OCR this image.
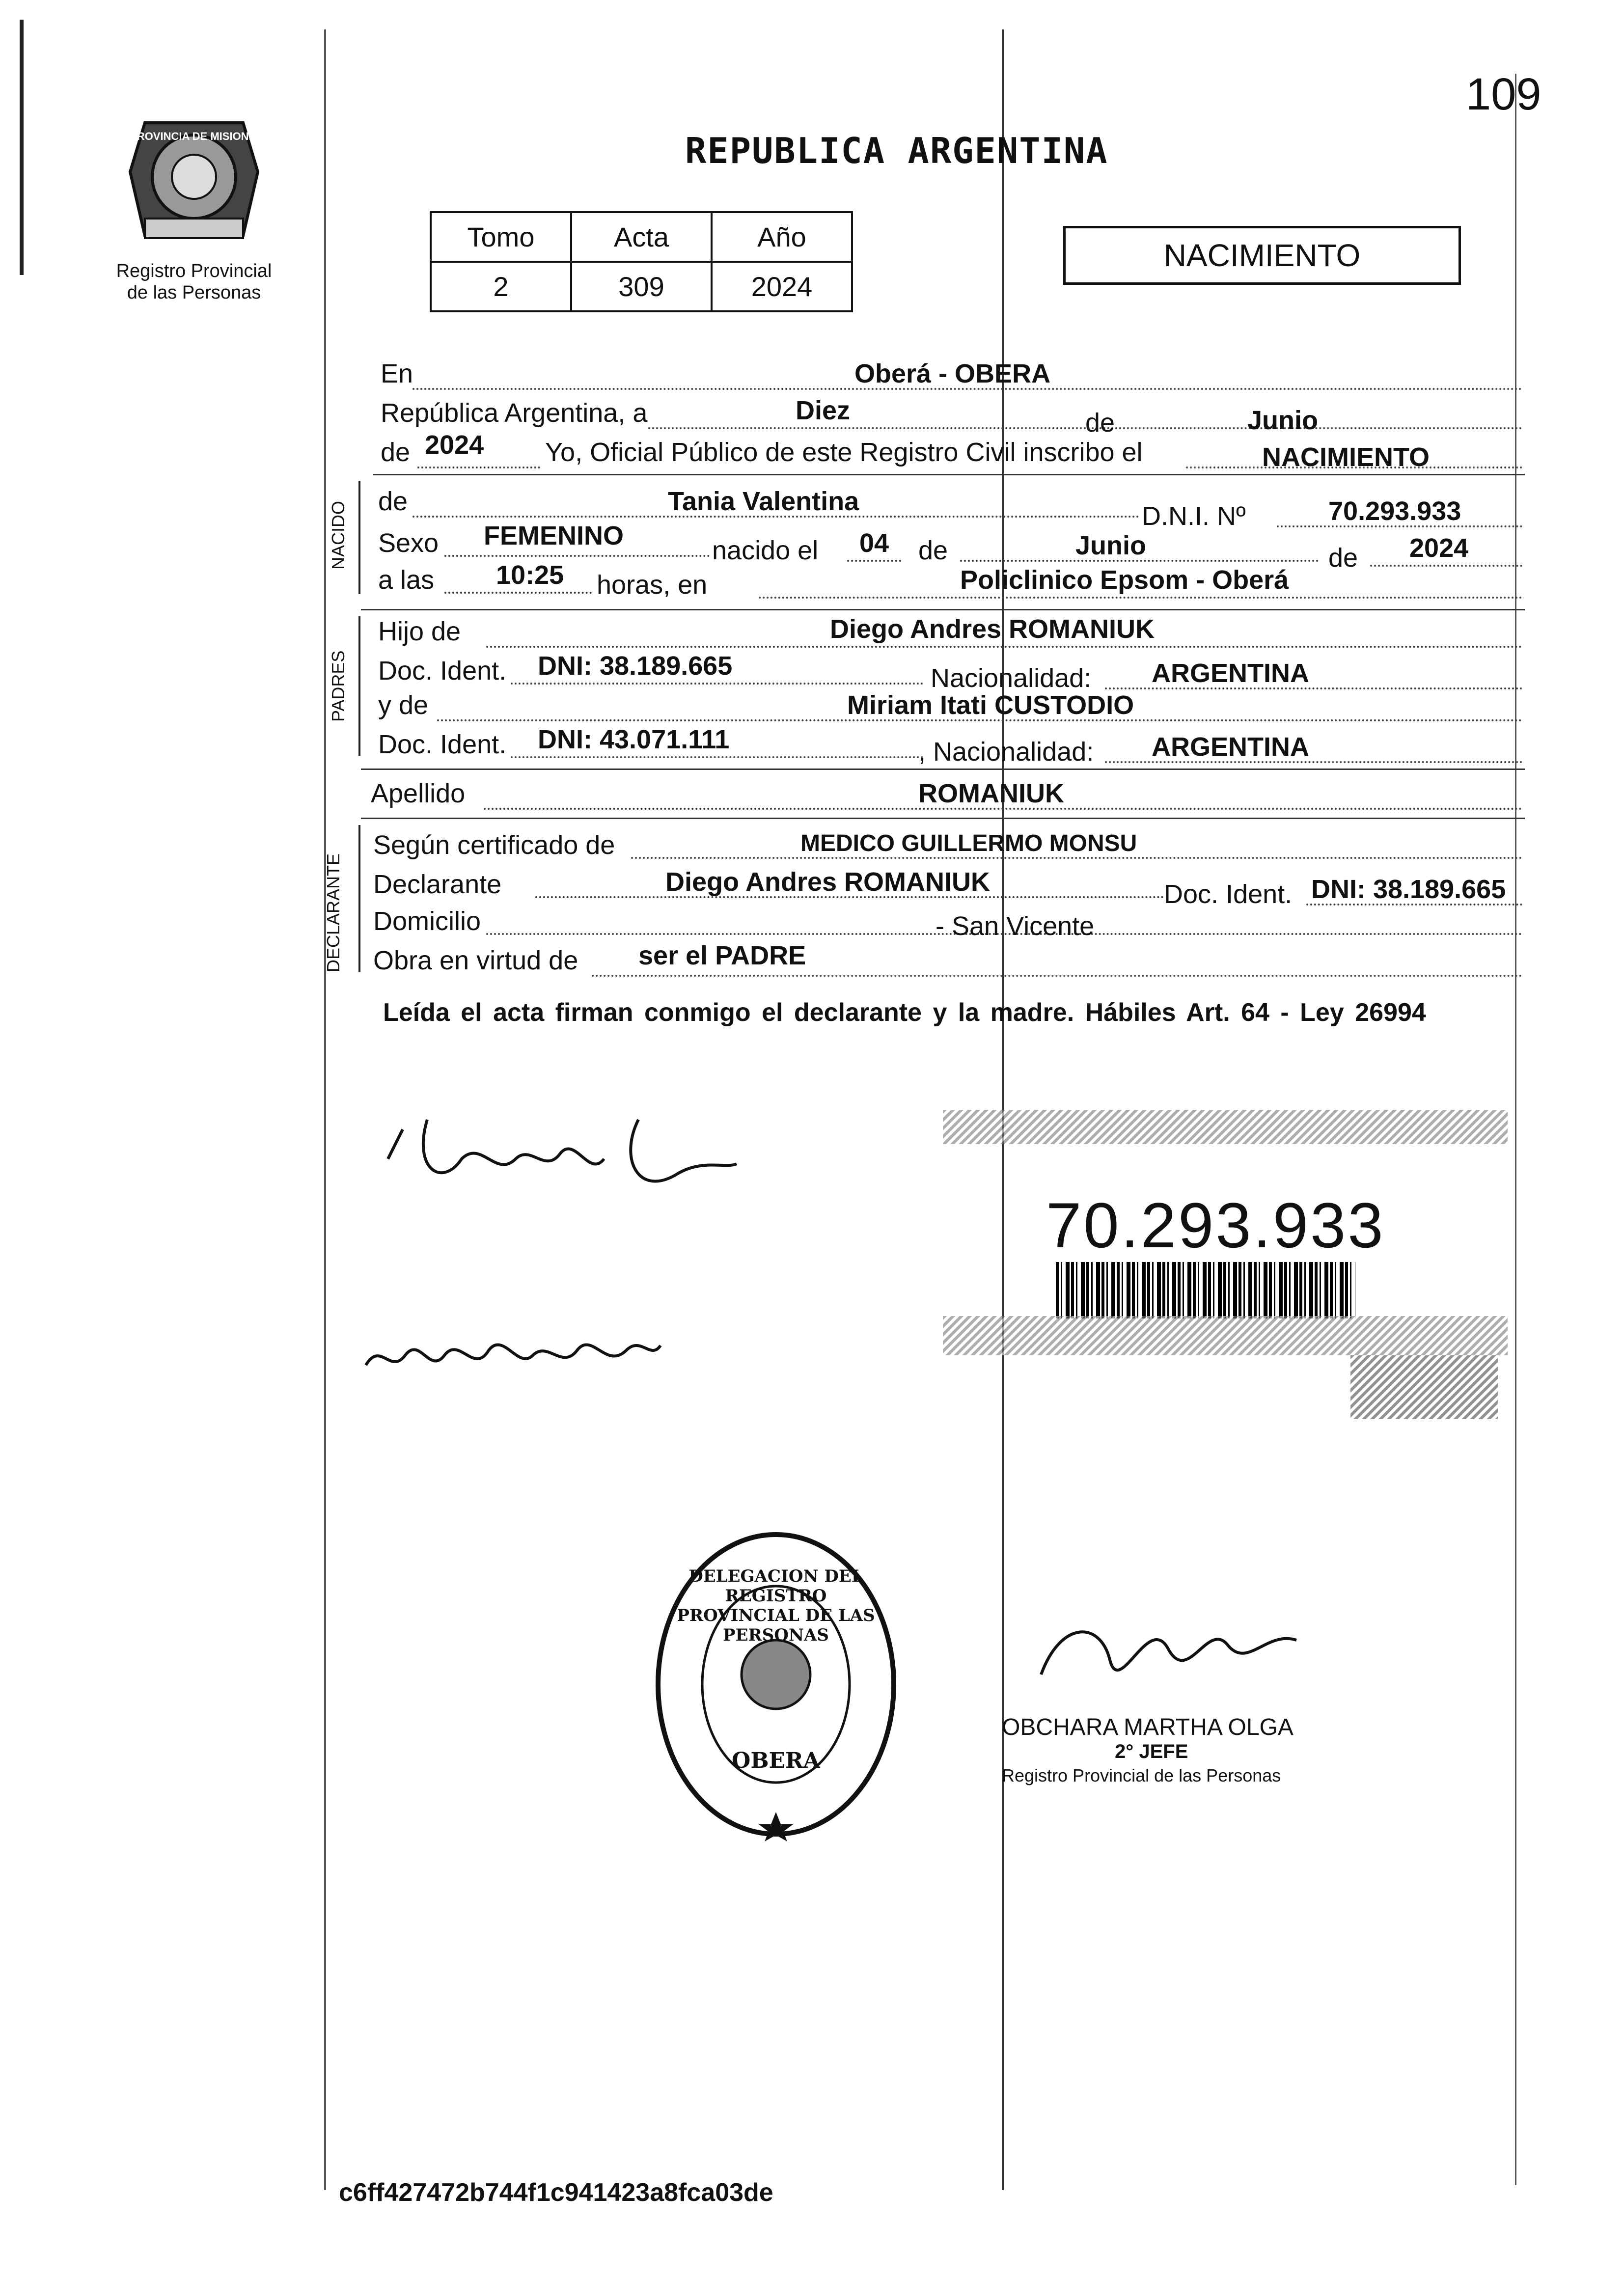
109
PROVINCIA DE MISIONES
Registro Provincial de las Personas
REPUBLICA ARGENTINA
Tomo	Acta	Año
2	309	2024
NACIMIENTO
En	Oberá - OBERA
República Argentina, a	Diez	de	Junio
de 2024 Yo, Oficial Público de este Registro Civil inscribo el	NACIMIENTO
NACIDO de	Tania Valentina	D.N.I. Nº	70.293.933
Sexo FEMENINO	nacido el 04 de	Junio	de 2024
a las 10:25 horas, en	Policlinico Epsom - Oberá
PADRES
Hijo de	Diego Andres ROMANIUK
Doc. Ident. DNI: 38.189.665	Nacionalidad: ARGENTINA
y de	Miriam Itati CUSTODIO
Doc. Ident. DNI: 43.071.111	, Nacionalidad: ARGENTINA
Apellido	ROMANIUK
DECLARANTE
Según certificado de	MEDICO GUILLERMO MONSU
Declarante	Diego Andres ROMANIUK	Doc. Ident. DNI: 38.189.665
Domicilio	- San Vicente
Obra en virtud de ser el PADRE
Leída el acta firman conmigo el declarante y la madre. Hábiles Art. 64 - Ley 26994
70.293.933
DELEGACION DEL REGISTRO PROVINCIAL DE LAS PERSONAS
OBERA
OBCHARA MARTHA OLGA
2° JEFE
Registro Provincial de las Personas
c6ff427472b744f1c941423a8fca03de
